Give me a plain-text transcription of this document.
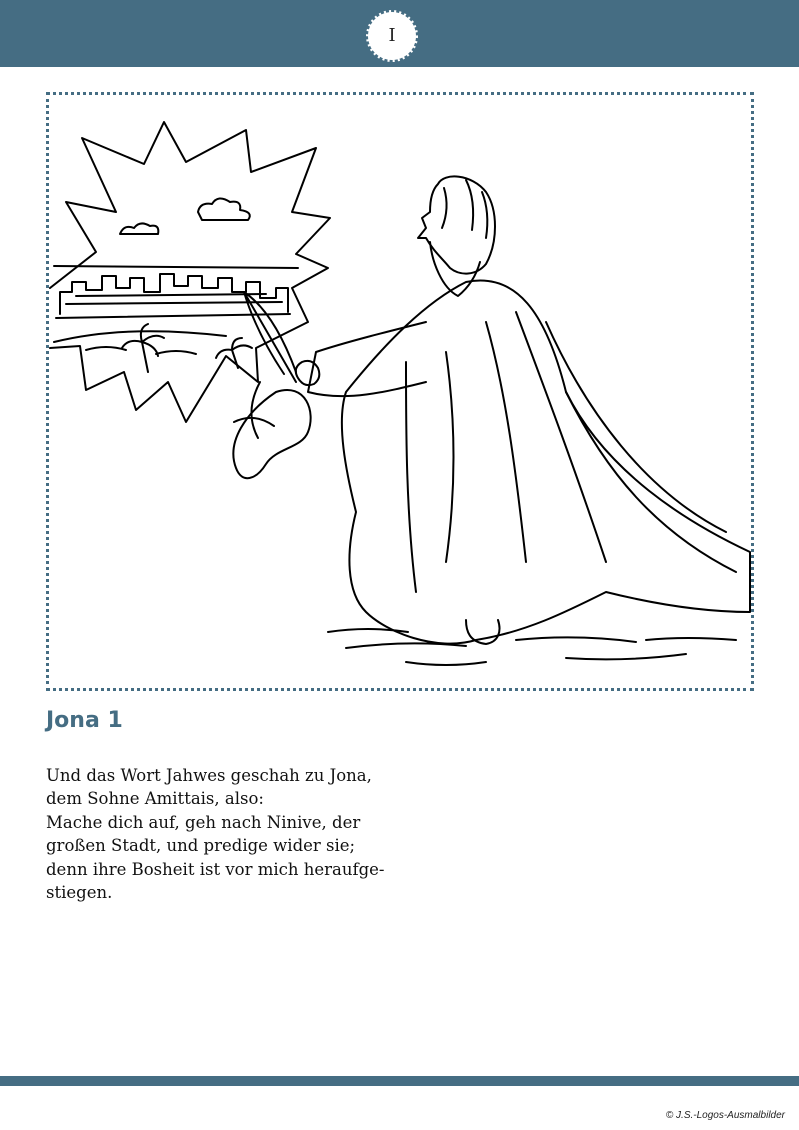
I
Jona 1
Und das Wort Jahwes geschah zu Jona,
dem Sohne Amittais, also:
Mache dich auf, geh nach Ninive, der
großen Stadt, und predige wider sie;
denn ihre Bosheit ist vor mich heraufge-
stiegen.
© J.S.-Logos-Ausmalbilder
